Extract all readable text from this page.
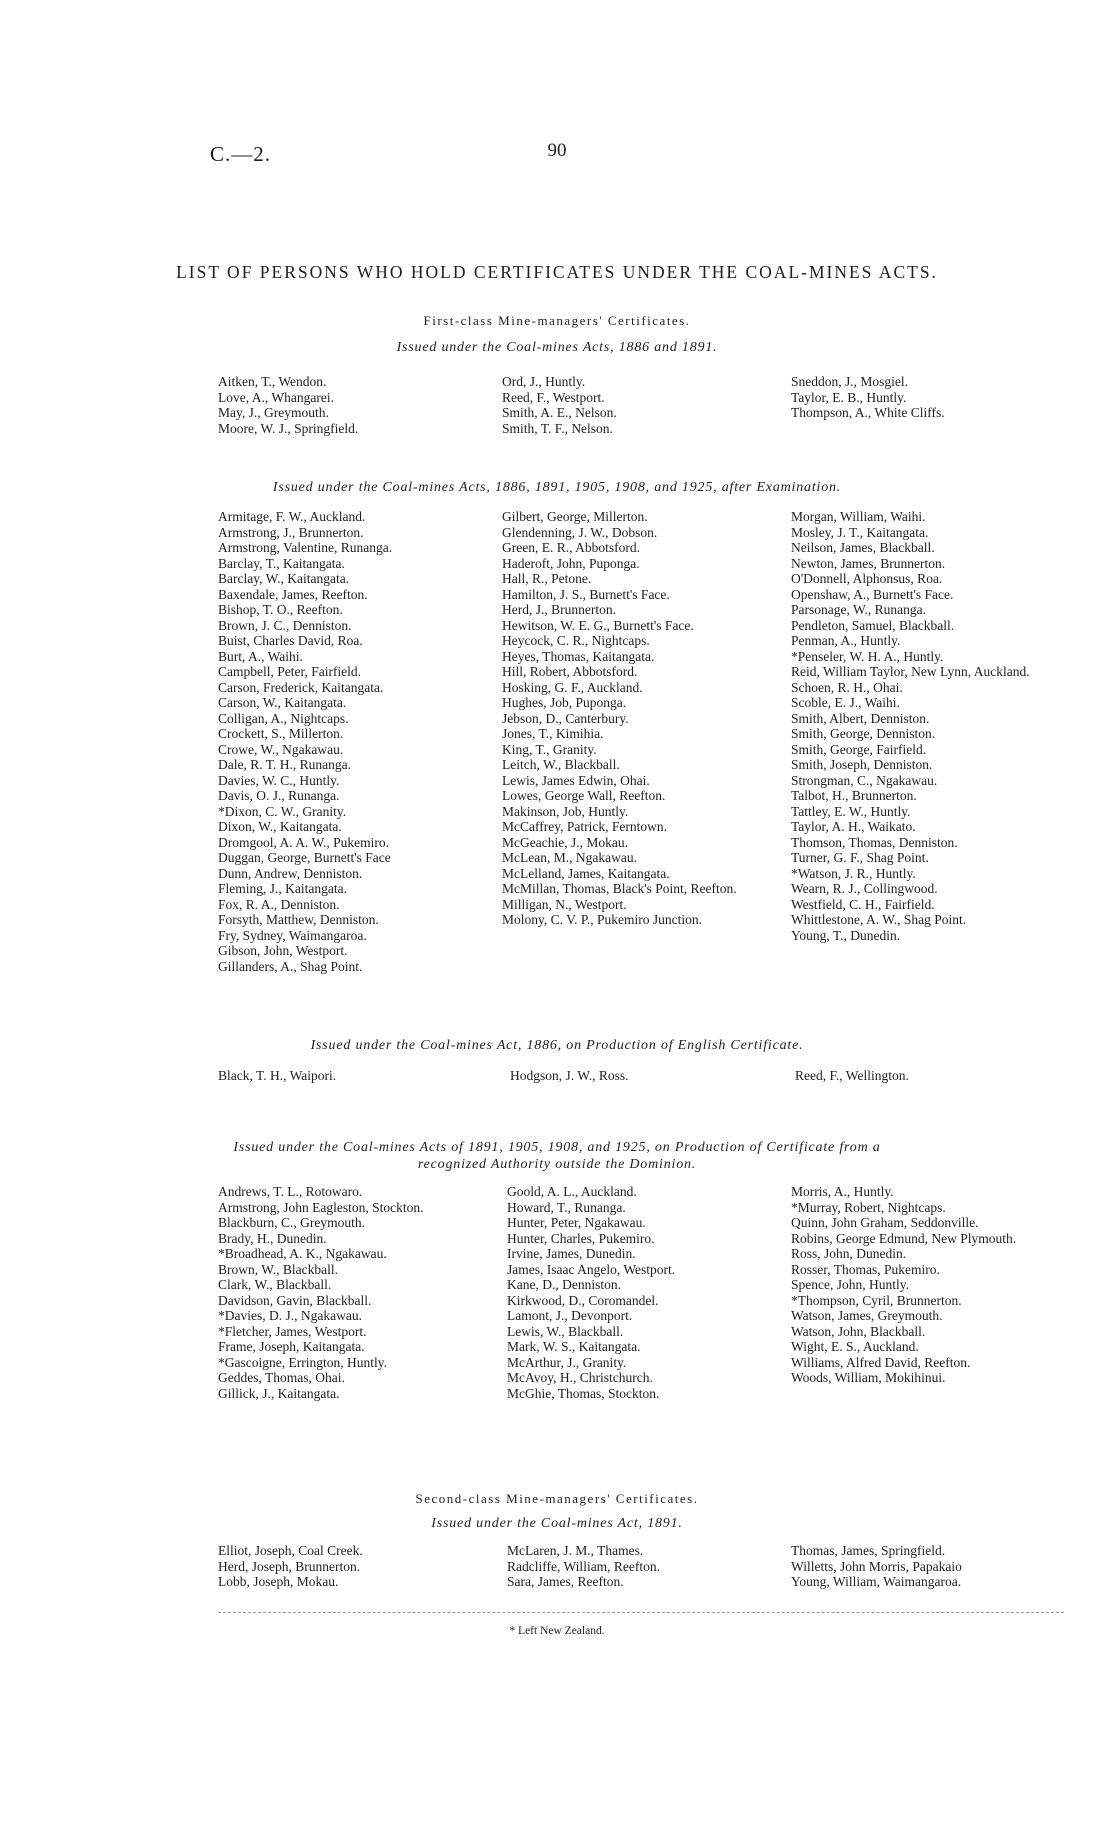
C.—2.	90
LIST OF PERSONS WHO HOLD CERTIFICATES UNDER THE COAL-MINES ACTS.
First-class Mine-managers' Certificates.
Issued under the Coal-mines Acts, 1886 and 1891.
Aitken, T., Wendon.
Love, A., Whangarei.
May, J., Greymouth.
Moore, W. J., Springfield.
Ord, J., Huntly.
Reed, F., Westport.
Smith, A. E., Nelson.
Smith, T. F., Nelson.
Sneddon, J., Mosgiel.
Taylor, E. B., Huntly.
Thompson, A., White Cliffs.
Issued under the Coal-mines Acts, 1886, 1891, 1905, 1908, and 1925, after Examination.
Armitage, F. W., Auckland.
Armstrong, J., Brunnerton.
Armstrong, Valentine, Runanga.
Barclay, T., Kaitangata.
Barclay, W., Kaitangata.
Baxendale, James, Reefton.
Bishop, T. O., Reefton.
Brown, J. C., Denniston.
Buist, Charles David, Roa.
Burt, A., Waihi.
Campbell, Peter, Fairfield.
Carson, Frederick, Kaitangata.
Carson, W., Kaitangata.
Colligan, A., Nightcaps.
Crockett, S., Millerton.
Crowe, W., Ngakawau.
Dale, R. T. H., Runanga.
Davies, W. C., Huntly.
Davis, O. J., Runanga.
*Dixon, C. W., Granity.
Dixon, W., Kaitangata.
Dromgool, A. A. W., Pukemiro.
Duggan, George, Burnett's Face
Dunn, Andrew, Denniston.
Fleming, J., Kaitangata.
Fox, R. A., Denniston.
Forsyth, Matthew, Denniston.
Fry, Sydney, Waimangaroa.
Gibson, John, Westport.
Gillanders, A., Shag Point.
Gilbert, George, Millerton.
Glendenning, J. W., Dobson.
Green, E. R., Abbotsford.
Haderoft, John, Puponga.
Hall, R., Petone.
Hamilton, J. S., Burnett's Face.
Herd, J., Brunnerton.
Hewitson, W. E. G., Burnett's Face.
Heycock, C. R., Nightcaps.
Heyes, Thomas, Kaitangata.
Hill, Robert, Abbotsford.
Hosking, G. F., Auckland.
Hughes, Job, Puponga.
Jebson, D., Canterbury.
Jones, T., Kimihia.
King, T., Granity.
Leitch, W., Blackball.
Lewis, James Edwin, Ohai.
Lowes, George Wall, Reefton.
Makinson, Job, Huntly.
McCaffrey, Patrick, Ferntown.
McGeachie, J., Mokau.
McLean, M., Ngakawau.
McLelland, James, Kaitangata.
McMillan, Thomas, Black's Point, Reefton.
Milligan, N., Westport.
Molony, C. V. P., Pukemiro Junction.
Morgan, William, Waihi.
Mosley, J. T., Kaitangata.
Neilson, James, Blackball.
Newton, James, Brunnerton.
O'Donnell, Alphonsus, Roa.
Openshaw, A., Burnett's Face.
Parsonage, W., Runanga.
Pendleton, Samuel, Blackball.
Penman, A., Huntly.
*Penseler, W. H. A., Huntly.
Reid, William Taylor, New Lynn, Auckland.
Schoen, R. H., Ohai.
Scoble, E. J., Waihi.
Smith, Albert, Denniston.
Smith, George, Denniston.
Smith, George, Fairfield.
Smith, Joseph, Denniston.
Strongman, C., Ngakawau.
Talbot, H., Brunnerton.
Tattley, E. W., Huntly.
Taylor, A. H., Waikato.
Thomson, Thomas, Denniston.
Turner, G. F., Shag Point.
*Watson, J. R., Huntly.
Wearn, R. J., Collingwood.
Westfield, C. H., Fairfield.
Whittlestone, A. W., Shag Point.
Young, T., Dunedin.
Issued under the Coal-mines Act, 1886, on Production of English Certificate.
Black, T. H., Waipori.	Hodgson, J. W., Ross.	Reed, F., Wellington.
Issued under the Coal-mines Acts of 1891, 1905, 1908, and 1925, on Production of Certificate from a
recognized Authority outside the Dominion.
Andrews, T. L., Rotowaro.
Armstrong, John Eagleston, Stockton.
Blackburn, C., Greymouth.
Brady, H., Dunedin.
*Broadhead, A. K., Ngakawau.
Brown, W., Blackball.
Clark, W., Blackball.
Davidson, Gavin, Blackball.
*Davies, D. J., Ngakawau.
*Fletcher, James, Westport.
Frame, Joseph, Kaitangata.
*Gascoigne, Errington, Huntly.
Geddes, Thomas, Ohai.
Gillick, J., Kaitangata.
Goold, A. L., Auckland.
Howard, T., Runanga.
Hunter, Peter, Ngakawau.
Hunter, Charles, Pukemiro.
Irvine, James, Dunedin.
James, Isaac Angelo, Westport.
Kane, D., Denniston.
Kirkwood, D., Coromandel.
Lamont, J., Devonport.
Lewis, W., Blackball.
Mark, W. S., Kaitangata.
McArthur, J., Granity.
McAvoy, H., Christchurch.
McGhie, Thomas, Stockton.
Morris, A., Huntly.
*Murray, Robert, Nightcaps.
Quinn, John Graham, Seddonville.
Robins, George Edmund, New Plymouth.
Ross, John, Dunedin.
Rosser, Thomas, Pukemiro.
Spence, John, Huntly.
*Thompson, Cyril, Brunnerton.
Watson, James, Greymouth.
Watson, John, Blackball.
Wight, E. S., Auckland.
Williams, Alfred David, Reefton.
Woods, William, Mokihinui.
Second-class Mine-managers' Certificates.
Issued under the Coal-mines Act, 1891.
Elliot, Joseph, Coal Creek.
Herd, Joseph, Brunnerton.
Lobb, Joseph, Mokau.
McLaren, J. M., Thames.
Radcliffe, William, Reefton.
Sara, James, Reefton.
Thomas, James, Springfield.
Willetts, John Morris, Papakaio
Young, William, Waimangaroa.
* Left New Zealand.
